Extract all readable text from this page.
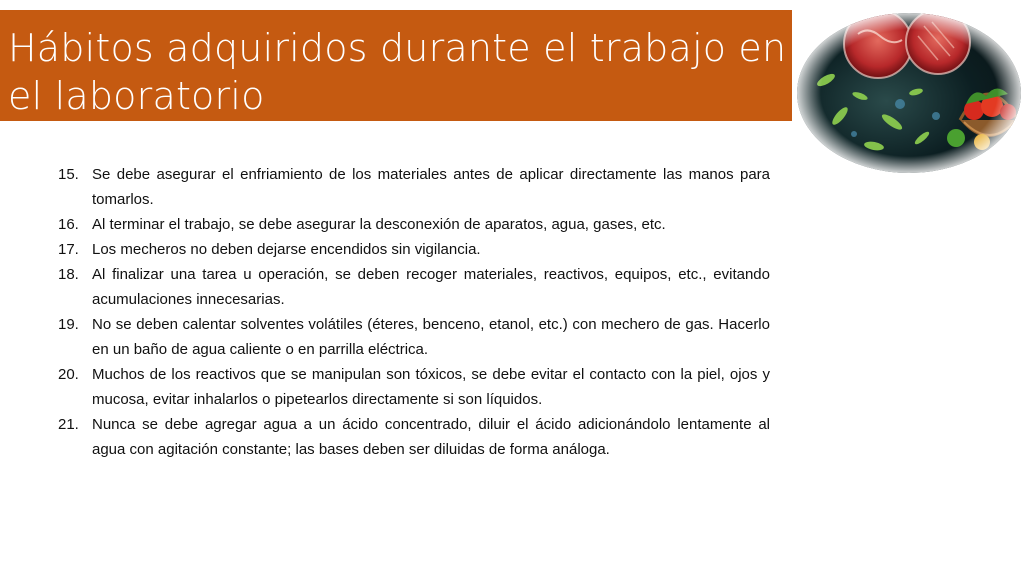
Hábitos adquiridos durante el trabajo en el laboratorio
15. Se debe asegurar el enfriamiento de los materiales antes de aplicar directamente las manos para tomarlos.
16. Al terminar el trabajo, se debe asegurar la desconexión de aparatos, agua, gases, etc.
17. Los mecheros no deben dejarse encendidos sin vigilancia.
18. Al finalizar una tarea u operación, se deben recoger materiales, reactivos, equipos, etc., evitando acumulaciones innecesarias.
19. No se deben calentar solventes volátiles (éteres, benceno, etanol, etc.) con mechero de gas. Hacerlo en un baño de agua caliente o en parrilla eléctrica.
20. Muchos de los reactivos que se manipulan son tóxicos, se debe evitar el contacto con la piel, ojos y mucosa, evitar inhalarlos o pipetearlos directamente si son líquidos.
21. Nunca se debe agregar agua a un ácido concentrado, diluir el ácido adicionándolo lentamente al agua con agitación constante; las bases deben ser diluidas de forma análoga.
